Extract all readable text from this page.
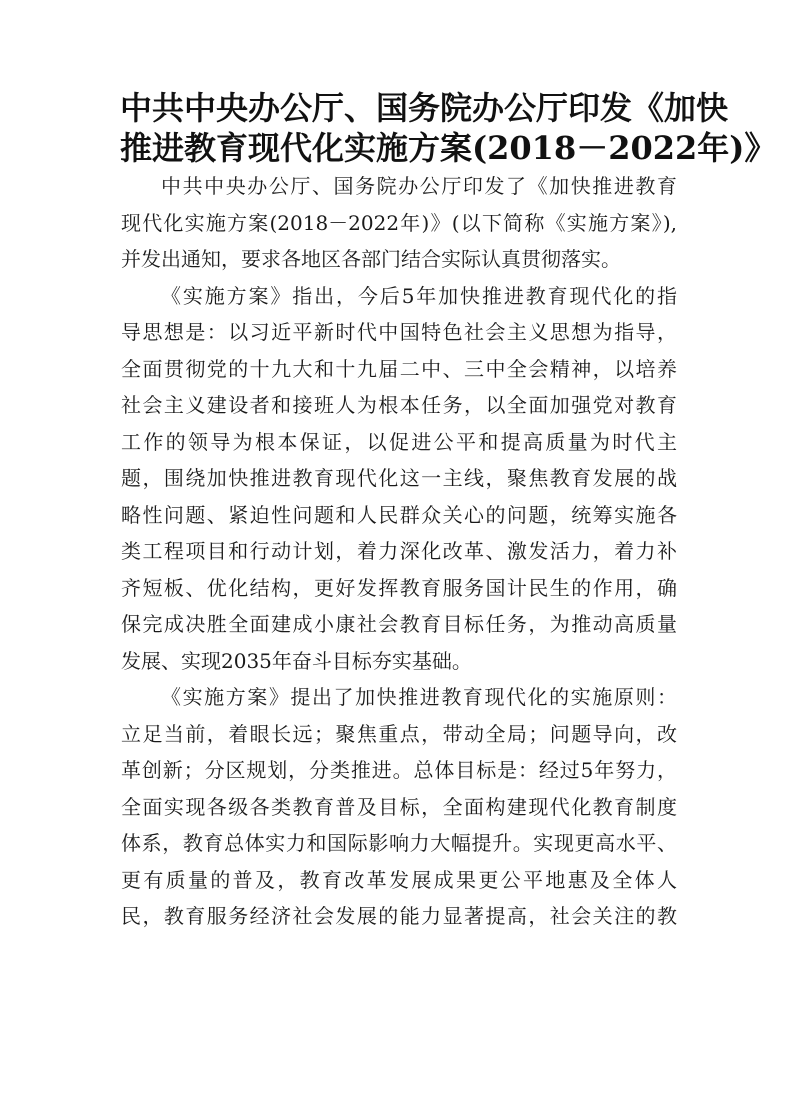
中共中央办公厅、国务院办公厅印发《加快
推进教育现代化实施方案(2018－2022年)》
中共中央办公厅、国务院办公厅印发了《加快推进教育
现代化实施方案(2018－2022年)》(以下简称《实施方案》),
并发出通知，要求各地区各部门结合实际认真贯彻落实。
《实施方案》指出，今后5年加快推进教育现代化的指
导思想是：以习近平新时代中国特色社会主义思想为指导，
全面贯彻党的十九大和十九届二中、三中全会精神，以培养
社会主义建设者和接班人为根本任务，以全面加强党对教育
工作的领导为根本保证，以促进公平和提高质量为时代主
题，围绕加快推进教育现代化这一主线，聚焦教育发展的战
略性问题、紧迫性问题和人民群众关心的问题，统筹实施各
类工程项目和行动计划，着力深化改革、激发活力，着力补
齐短板、优化结构，更好发挥教育服务国计民生的作用，确
保完成决胜全面建成小康社会教育目标任务，为推动高质量
发展、实现2035年奋斗目标夯实基础。
《实施方案》提出了加快推进教育现代化的实施原则：
立足当前，着眼长远；聚焦重点，带动全局；问题导向，改
革创新；分区规划，分类推进。总体目标是：经过5年努力，
全面实现各级各类教育普及目标，全面构建现代化教育制度
体系，教育总体实力和国际影响力大幅提升。实现更高水平、
更有质量的普及，教育改革发展成果更公平地惠及全体人
民，教育服务经济社会发展的能力显著提高，社会关注的教
